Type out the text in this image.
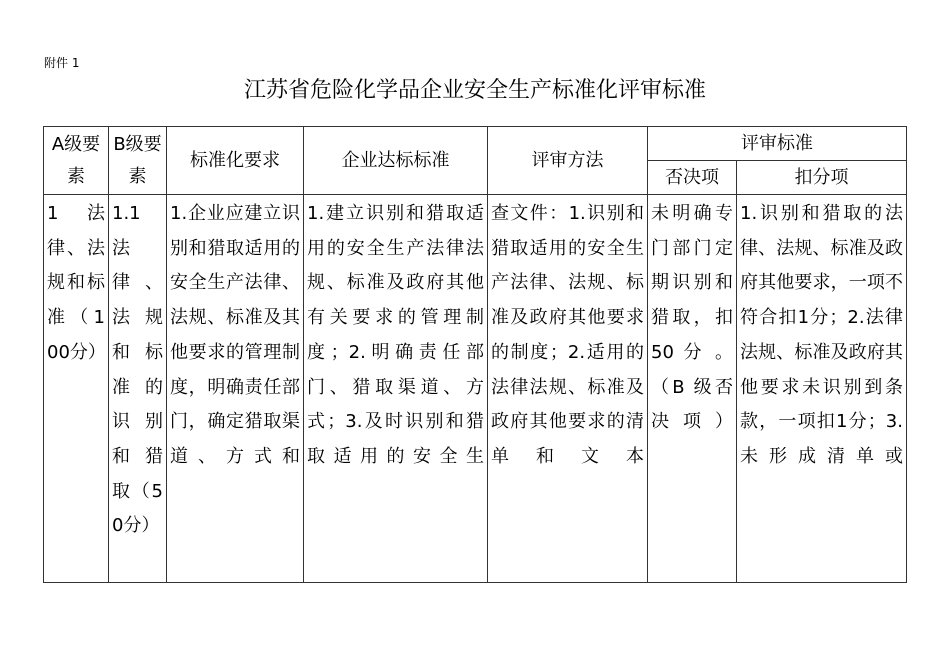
附件 1
江苏省危险化学品企业安全生产标准化评审标准
A级要素	B级要素	标准化要求	企业达标标准	评审方法	评审标准	
					否决项	扣分项
1 法律、法规和标准（100分）	1.1 法律、法规和标准的识别和猎取（50分）	1.企业应建立识别和猎取适用的安全生产法律、法规、标准及其他要求的管理制度，明确责任部门，确定猎取渠道、方式和	1.建立识别和猎取适用的安全生产法律法规、标准及政府其他有关要求的管理制度；2.明确责任部门、猎取渠道、方式；3.及时识别和猎取适用的安全生	查文件：1.识别和猎取适用的安全生产法律、法规、标准及政府其他要求的制度；2.适用的法律法规、标准及政府其他要求的清单和文本	未明确专门部门定期识别和猎取，扣 50 分 。（B 级否 决项）	1.识别和猎取的法律、法规、标准及政府其他要求，一项不符合扣1分；2.法律法规、标准及政府其他要求未识别到条款，一项扣1分；3.未形成清单或
